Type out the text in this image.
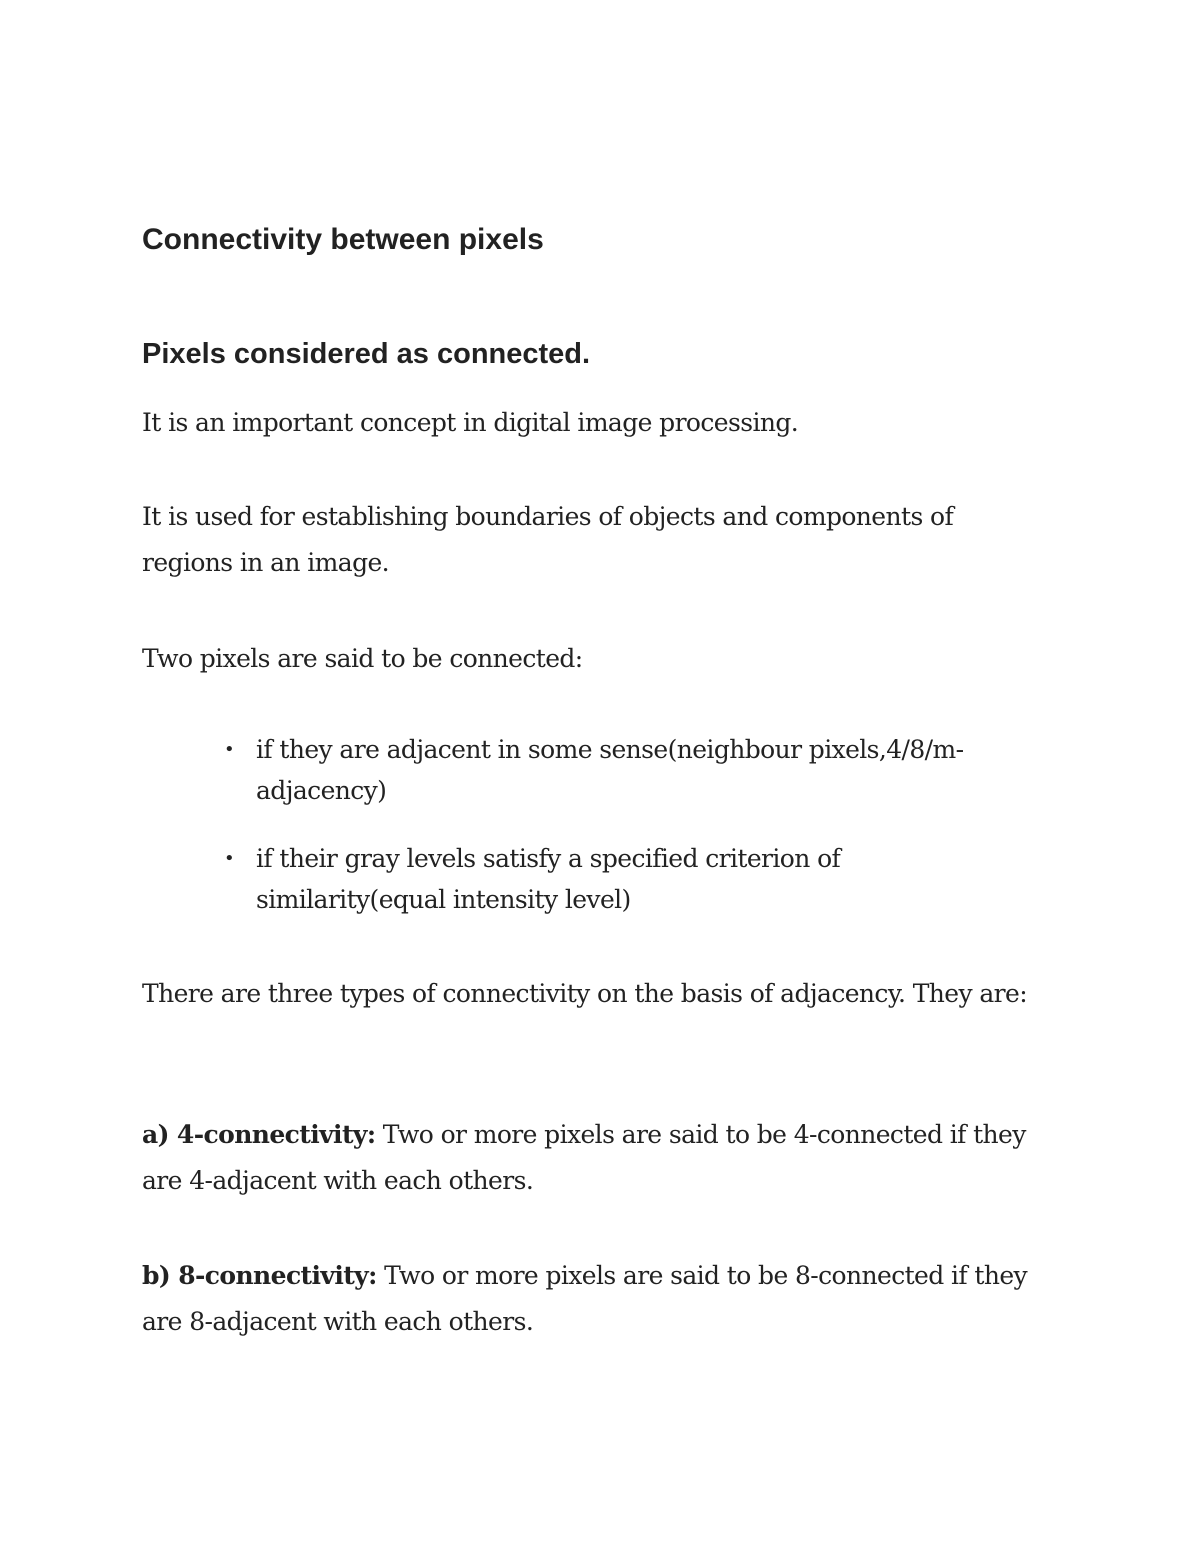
Connectivity between pixels
Pixels considered as connected.

It is an important concept in digital image processing.

It is used for establishing boundaries of objects and components of regions in an image.

Two pixels are said to be connected:

• if they are adjacent in some sense(neighbour pixels,4/8/m-adjacency)
• if their gray levels satisfy a specified criterion of similarity(equal intensity level)

There are three types of connectivity on the basis of adjacency. They are:

a) 4-connectivity: Two or more pixels are said to be 4-connected if they are 4-adjacent with each others.

b) 8-connectivity: Two or more pixels are said to be 8-connected if they are 8-adjacent with each others.
